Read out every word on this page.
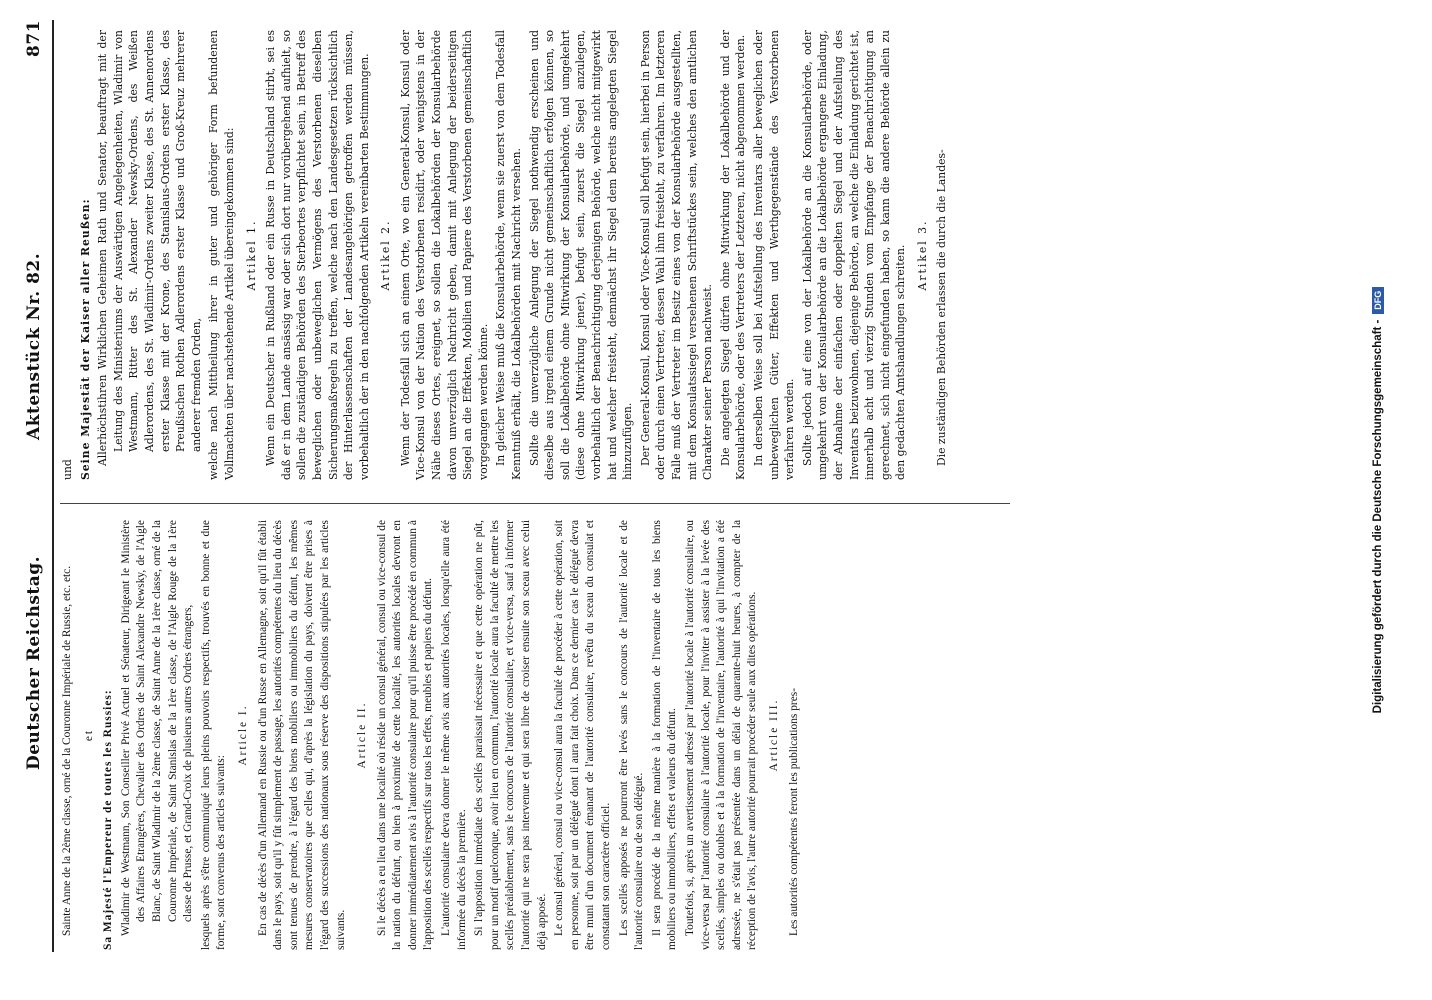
Deutscher Reichstag.
Aktenstück Nr. 82.
871

Sainte Anne de la 2ème classe, orné de la Couronne Impériale de Russie, etc. etc. et Sa Majesté l'Empereur de toutes les Russies: Wladimir de Westmann, Son Conseiller Privé Actuel et Sénateur, Dirigeant le Ministère des Affaires Etrangères, Chevalier des Ordres de Saint Alexandre Newsky, de l'Aigle Blanc, de Saint Wladimir de la 2ème classe, de Saint Anne de la 1ère classe, orné de la Couronne Impériale, de Saint Stanislas de la 1ère classe, de l'Aigle Rouge de la 1ère classe de Prusse, et Grand-Croix de plusieurs autres Ordres étrangers, lesquels après s'être communiqué leurs pleins pouvoirs respectifs, trouvés en bonne et due forme, sont convenus des articles suivants:

Article I. En cas de décès d'un Allemand en Russie ou d'un Russe en Allemagne, soit qu'il fût établi dans le pays, soit qu'il y fût simplement de passage, les autorités compétentes du lieu du décès sont tenues de prendre, à l'égard des biens mobiliers ou immobiliers du défunt, les mêmes mesures conservatoires que celles qui, d'après la législation du pays, doivent être prises à l'égard des successions des nationaux sous réserve des dispositions stipulées par les articles suivants.

Article II. Si le décès a eu lieu dans une localité où réside un consul général, consul ou vice-consul de la nation du défunt, ou bien à proximité de cette localité, les autorités locales devront en donner immédiatement avis à l'autorité consulaire pour qu'il puisse être procédé en commun à l'apposition des scellés respectifs sur tous les effets, meubles et papiers du défunt. L'autorité consulaire devra donner le même avis aux autorités locales, lorsqu'elle aura été informée du décès la première. Si l'apposition immédiate des scellés paraissait nécessaire et que cette opération ne pût, pour un motif quelconque, avoir lieu en commun, l'autorité locale aura la faculté de mettre les scellés préalablement, sans le concours de l'autorité consulaire, et vice-versa, sauf à informer l'autorité qui ne sera pas intervenue et qui sera libre de croiser ensuite son sceau avec celui déjà apposé. Le consul général, consul ou vice-consul aura la faculté de procéder à cette opération, soit en personne, soit par un délégué dont il aura fait choix. Dans ce dernier cas le délégué devra être muni d'un document émanant de l'autorité consulaire, revêtu du sceau du consulat et constatant son caractère officiel. Les scellés apposés ne pourront être levés sans le concours de l'autorité locale et de l'autorité consulaire ou de son délégué. Il sera procédé de la même manière à la formation de l'inventaire de tous les biens mobiliers ou immobiliers, effets et valeurs du défunt. Toutefois, si, après un avertissement adressé par l'autorité locale à l'autorité consulaire, ou vice-versa par l'autorité consulaire à l'autorité locale, pour l'inviter à assister à la levée des scellés, simples ou doubles et à la formation de l'inventaire, l'autorité à qui l'invitation a été adressée, ne s'était pas présentée dans un délai de quarante-huit heures, à compter de la réception de l'avis, l'autre autorité pourrait procéder seule aux dites opérations. Article III. Les autorités compétentes feront les publications pres-

und Seine Majestät der Kaiser aller Reußen: Allerhöchstihren Wirklichen Geheimen Rath und Senator, beauftragt mit der Leitung des Ministeriums der Auswärtigen Angelegenheiten, Wladimir von Westmann, Ritter des St. Alexander Newsky-Ordens, des Weißen Adlerordens, des St. Wladimir-Ordens zweiter Klasse, des St. Annenordens erster Klasse mit der Krone, des Stanislaus-Ordens erster Klasse, des Preußischen Rothen Adlerordens erster Klasse und Groß-Kreuz mehrerer anderer fremden Orden, welche nach Mittheilung ihrer in guter und gehöriger Form befundenen Vollmachten über nachstehende Artikel übereingekommen sind: Artikel 1. Wenn ein Deutscher in Rußland oder ein Russe in Deutschland stirbt, sei es daß er in dem Lande ansässig war oder sich dort nur vorübergehend aufhielt, so sollen die zuständigen Behörden des Sterbeortes verpflichtet sein, in Betreff des beweglichen oder unbeweglichen Vermögens des Verstorbenen dieselben Sicherungsmaßregeln zu treffen, welche nach den Landesgesetzen rücksichtlich der Hinterlassenschaften der Landesangehörigen getroffen werden müssen, vorbehaltlich der in den nachfolgenden Artikeln vereinbarten Bestimmungen. Artikel 2. Wenn der Todesfall sich an einem Orte, wo ein General-Konsul, Konsul oder Vice-Konsul von der Nation des Verstorbenen residirt, oder wenigstens in der Nähe dieses Ortes, ereignet, so sollen die Lokalbehörden der Konsularbehörde davon unverzüglich Nachricht geben, damit mit Anlegung der beiderseitigen Siegel an die Effekten, Mobilien und Papiere des Verstorbenen gemeinschaftlich vorgegangen werden könne. In gleicher Weise muß die Konsularbehörde, wenn sie zuerst von dem Todesfall Kenntniß erhält, die Lokalbehörden mit Nachricht versehen. Sollte die unverzügliche Anlegung der Siegel nothwendig erscheinen und dieselbe aus irgend einem Grunde nicht gemeinschaftlich erfolgen können, so soll die Lokalbehörde ohne Mitwirkung der Konsularbehörde, und umgekehrt (diese ohne Mitwirkung jener), befugt sein, zuerst die Siegel anzulegen, vorbehaltlich der Benachrichtigung derjenigen Behörde, welche nicht mitgewirkt hat und welcher freisteht, demnächst ihr Siegel dem bereits angelegten Siegel hinzuzufügen. Der General-Konsul, Konsul oder Vice-Konsul soll befugt sein, hierbei in Person oder durch einen Vertreter, dessen Wahl ihm freisteht, zu verfahren. Im letzteren Falle muß der Vertreter im Besitz eines von der Konsularbehörde ausgestellten, mit dem Konsulatssiegel versehenen Schriftstückes sein, welches den amtlichen Charakter seiner Person nachweist. Die angelegten Siegel dürfen ohne Mitwirkung der Lokalbehörde und der Konsularbehörde, oder des Vertreters der Letzteren, nicht abgenommen werden. In derselben Weise soll bei Aufstellung des Inventars aller beweglichen oder unbeweglichen Güter, Effekten und Werthgegenstände des Verstorbenen verfahren werden. Sollte jedoch auf eine von der Lokalbehörde an die Konsularbehörde, oder umgekehrt von der Konsularbehörde an die Lokalbehörde ergangene Einladung, der Abnahme der einfachen oder doppelten Siegel und der Aufstellung des Inventars beizuwohnen, diejenige Behörde, an welche die Einladung gerichtet ist, innerhalb acht und vierzig Stunden vom Empfange der Benachrichtigung an gerechnet, sich nicht eingefunden haben, so kann die andere Behörde allein zu den gedachten Amtshandlungen schreiten. Artikel 3. Die zuständigen Behörden erlassen die durch die Landes-

Digitalisierung gefördert durch die Deutsche Forschungsgemeinschaft -DFG
